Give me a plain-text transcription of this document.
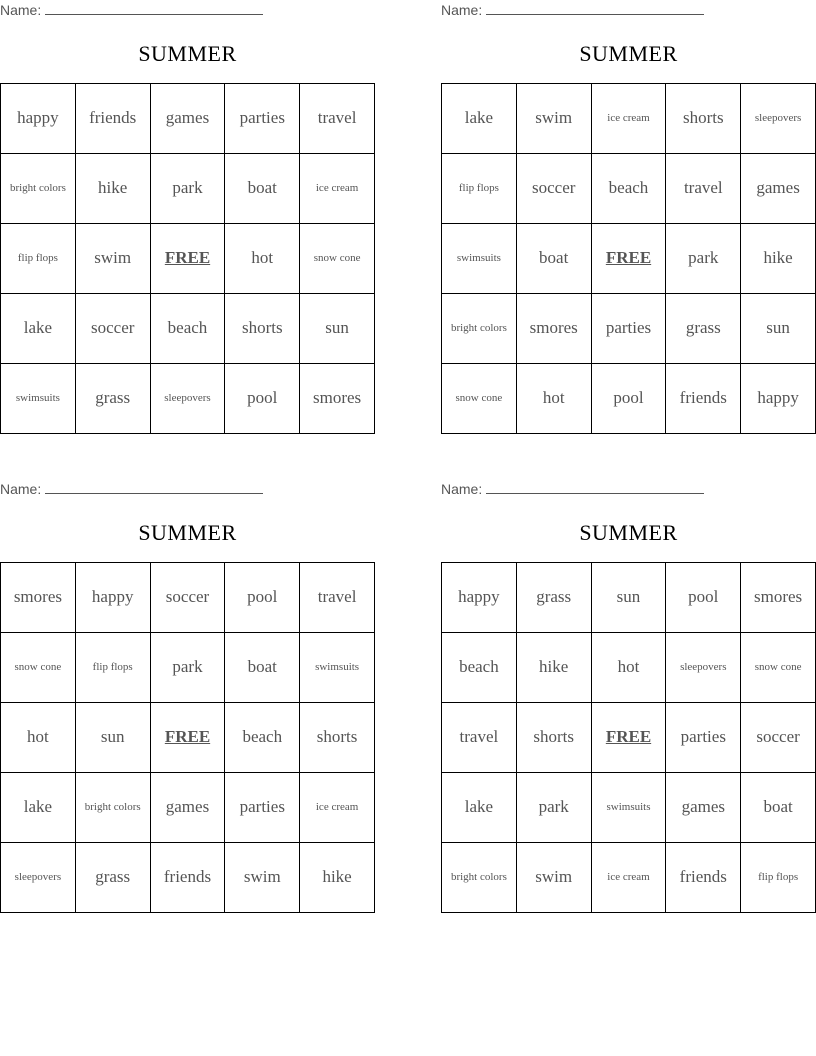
Name:
SUMMER
happy	friends	games	parties	travel
bright colors	hike	park	boat	ice cream
flip flops	swim	FREE	hot	snow cone
lake	soccer	beach	shorts	sun
swimsuits	grass	sleepovers	pool	smores
Name:
SUMMER
lake	swim	ice cream	shorts	sleepovers
flip flops	soccer	beach	travel	games
swimsuits	boat	FREE	park	hike
bright colors	smores	parties	grass	sun
snow cone	hot	pool	friends	happy
Name:
SUMMER
smores	happy	soccer	pool	travel
snow cone	flip flops	park	boat	swimsuits
hot	sun	FREE	beach	shorts
lake	bright colors	games	parties	ice cream
sleepovers	grass	friends	swim	hike
Name:
SUMMER
happy	grass	sun	pool	smores
beach	hike	hot	sleepovers	snow cone
travel	shorts	FREE	parties	soccer
lake	park	swimsuits	games	boat
bright colors	swim	ice cream	friends	flip flops
